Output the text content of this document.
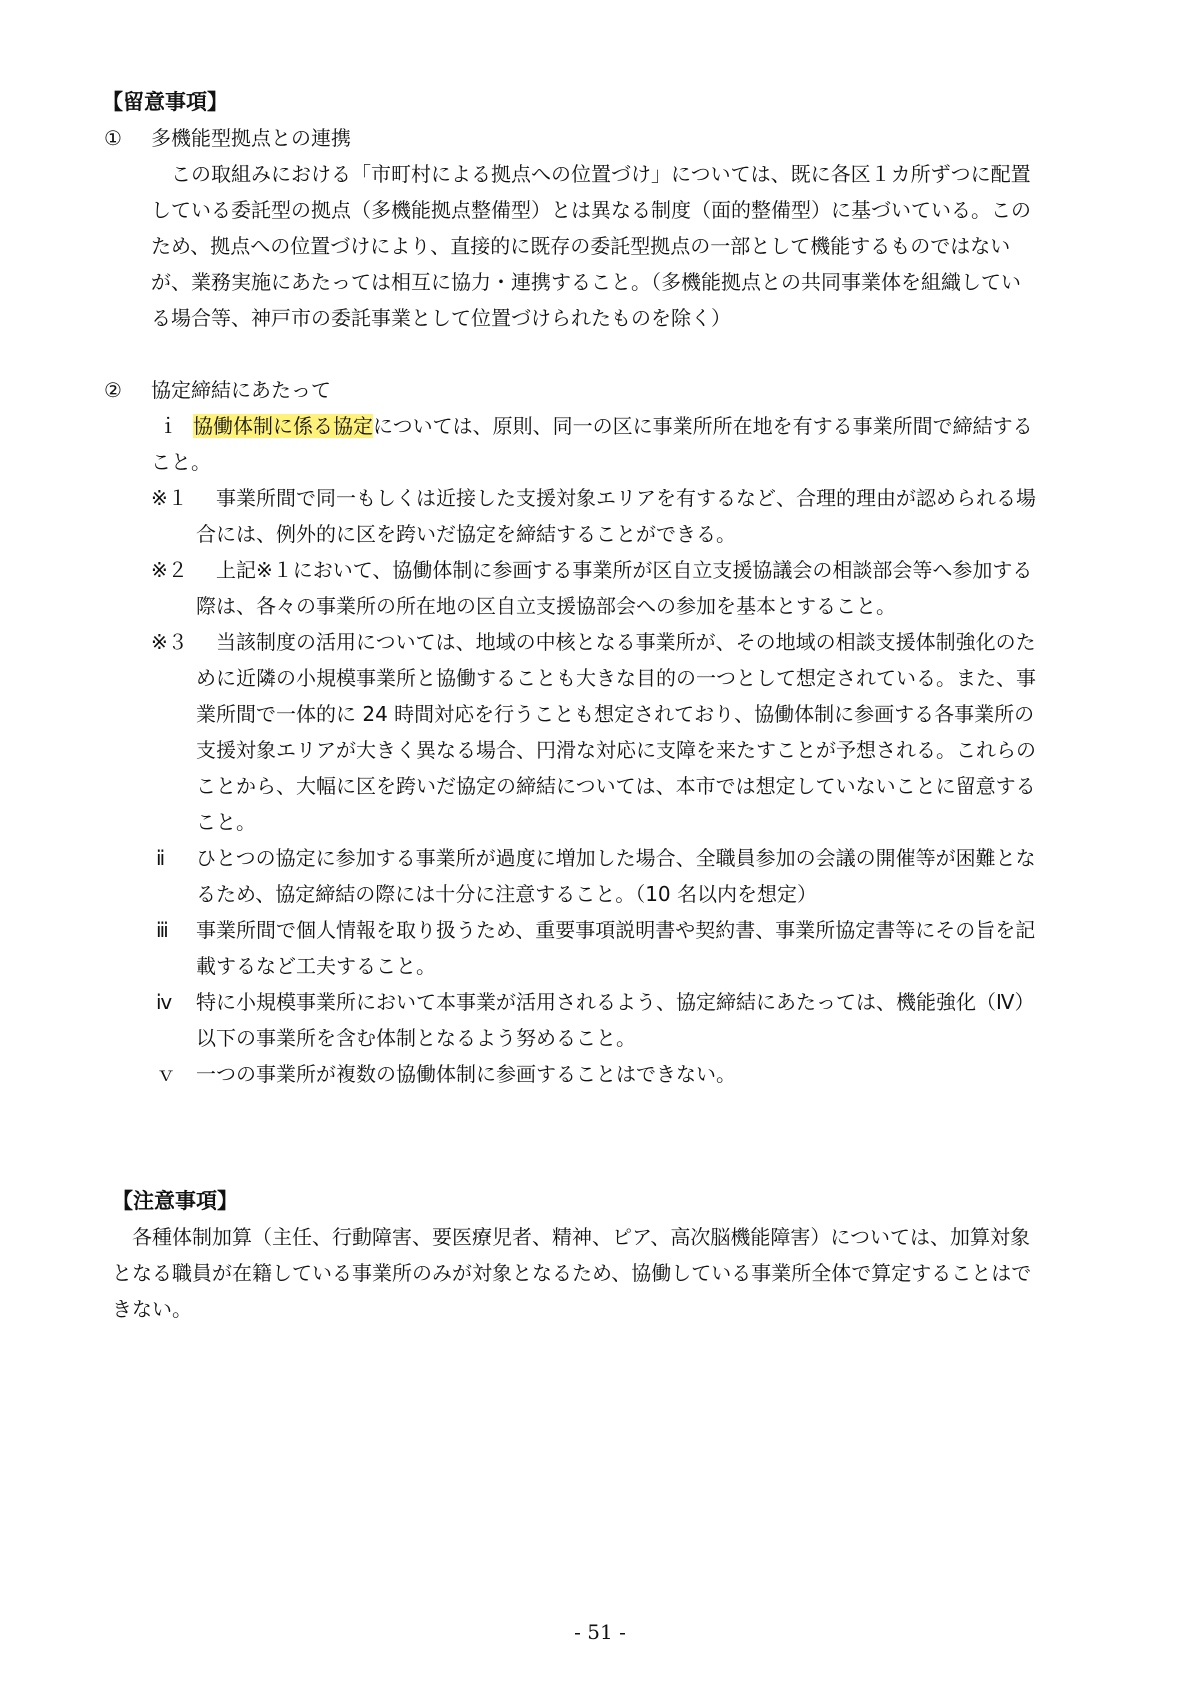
【留意事項】
① 多機能型拠点との連携
　この取組みにおける「市町村による拠点への位置づけ」については、既に各区１カ所ずつに配置
している委託型の拠点（多機能拠点整備型）とは異なる制度（面的整備型）に基づいている。この
ため、拠点への位置づけにより、直接的に既存の委託型拠点の一部として機能するものではない
が、業務実施にあたっては相互に協力・連携すること。（多機能拠点との共同事業体を組織してい
る場合等、神戸市の委託事業として位置づけられたものを除く）
② 協定締結にあたって
ｉ 協働体制に係る協定については、原則、同一の区に事業所所在地を有する事業所間で締結する
こと。
※１ 事業所間で同一もしくは近接した支援対象エリアを有するなど、合理的理由が認められる場
合には、例外的に区を跨いだ協定を締結することができる。
※２ 上記※１において、協働体制に参画する事業所が区自立支援協議会の相談部会等へ参加する
際は、各々の事業所の所在地の区自立支援協部会への参加を基本とすること。
※３ 当該制度の活用については、地域の中核となる事業所が、その地域の相談支援体制強化のた
めに近隣の小規模事業所と協働することも大きな目的の一つとして想定されている。また、事
業所間で一体的に 24 時間対応を行うことも想定されており、協働体制に参画する各事業所の
支援対象エリアが大きく異なる場合、円滑な対応に支障を来たすことが予想される。これらの
ことから、大幅に区を跨いだ協定の締結については、本市では想定していないことに留意する
こと。
ⅱ ひとつの協定に参加する事業所が過度に増加した場合、全職員参加の会議の開催等が困難とな
るため、協定締結の際には十分に注意すること。（10 名以内を想定）
ⅲ 事業所間で個人情報を取り扱うため、重要事項説明書や契約書、事業所協定書等にその旨を記
載するなど工夫すること。
ⅳ 特に小規模事業所において本事業が活用されるよう、協定締結にあたっては、機能強化（Ⅳ）
以下の事業所を含む体制となるよう努めること。
ｖ 一つの事業所が複数の協働体制に参画することはできない。
【注意事項】
　各種体制加算（主任、行動障害、要医療児者、精神、ピア、高次脳機能障害）については、加算対象
となる職員が在籍している事業所のみが対象となるため、協働している事業所全体で算定することはで
きない。
- 51 -
